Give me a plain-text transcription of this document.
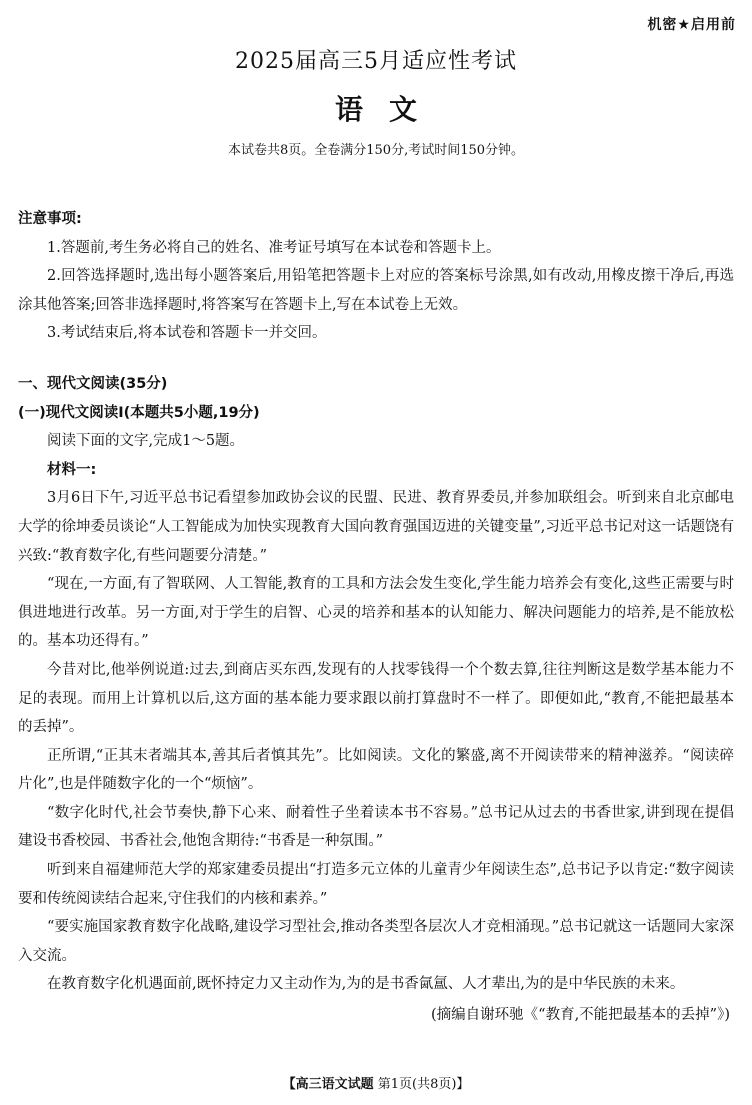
机密★启用前
2025届高三5月适应性考试
语文
本试卷共8页。全卷满分150分,考试时间150分钟。
注意事项:

1.答题前,考生务必将自己的姓名、准考证号填写在本试卷和答题卡上。

2.回答选择题时,选出每小题答案后,用铅笔把答题卡上对应的答案标号涂黑,如有改动,用橡皮擦干净后,再选涂其他答案;回答非选择题时,将答案写在答题卡上,写在本试卷上无效。

3.考试结束后,将本试卷和答题卡一并交回。

一、现代文阅读(35分)
(一)现代文阅读Ⅰ(本题共5小题,19分)

阅读下面的文字,完成1～5题。

材料一:

3月6日下午,习近平总书记看望参加政协会议的民盟、民进、教育界委员,并参加联组会。听到来自北京邮电大学的徐坤委员谈论“人工智能成为加快实现教育大国向教育强国迈进的关键变量”,习近平总书记对这一话题饶有兴致:“教育数字化,有些问题要分清楚。”

“现在,一方面,有了智联网、人工智能,教育的工具和方法会发生变化,学生能力培养会有变化,这些正需要与时俱进地进行改革。另一方面,对于学生的启智、心灵的培养和基本的认知能力、解决问题能力的培养,是不能放松的。基本功还得有。”

今昔对比,他举例说道:过去,到商店买东西,发现有的人找零钱得一个个数去算,往往判断这是数学基本能力不足的表现。而用上计算机以后,这方面的基本能力要求跟以前打算盘时不一样了。即便如此,“教育,不能把最基本的丢掉”。

正所谓,“正其末者端其本,善其后者慎其先”。比如阅读。文化的繁盛,离不开阅读带来的精神滋养。“阅读碎片化”,也是伴随数字化的一个“烦恼”。

“数字化时代,社会节奏快,静下心来、耐着性子坐着读本书不容易。”总书记从过去的书香世家,讲到现在提倡建设书香校园、书香社会,他饱含期待:“书香是一种氛围。”

听到来自福建师范大学的郑家建委员提出“打造多元立体的儿童青少年阅读生态”,总书记予以肯定:“数字阅读要和传统阅读结合起来,守住我们的内核和素养。”

“要实施国家教育数字化战略,建设学习型社会,推动各类型各层次人才竞相涌现。”总书记就这一话题同大家深入交流。

在教育数字化机遇面前,既怀持定力又主动作为,为的是书香氤氲、人才辈出,为的是中华民族的未来。

(摘编自谢环驰《“教育,不能把最基本的丢掉”》)
【高三语文试题 第1页(共8页)】
